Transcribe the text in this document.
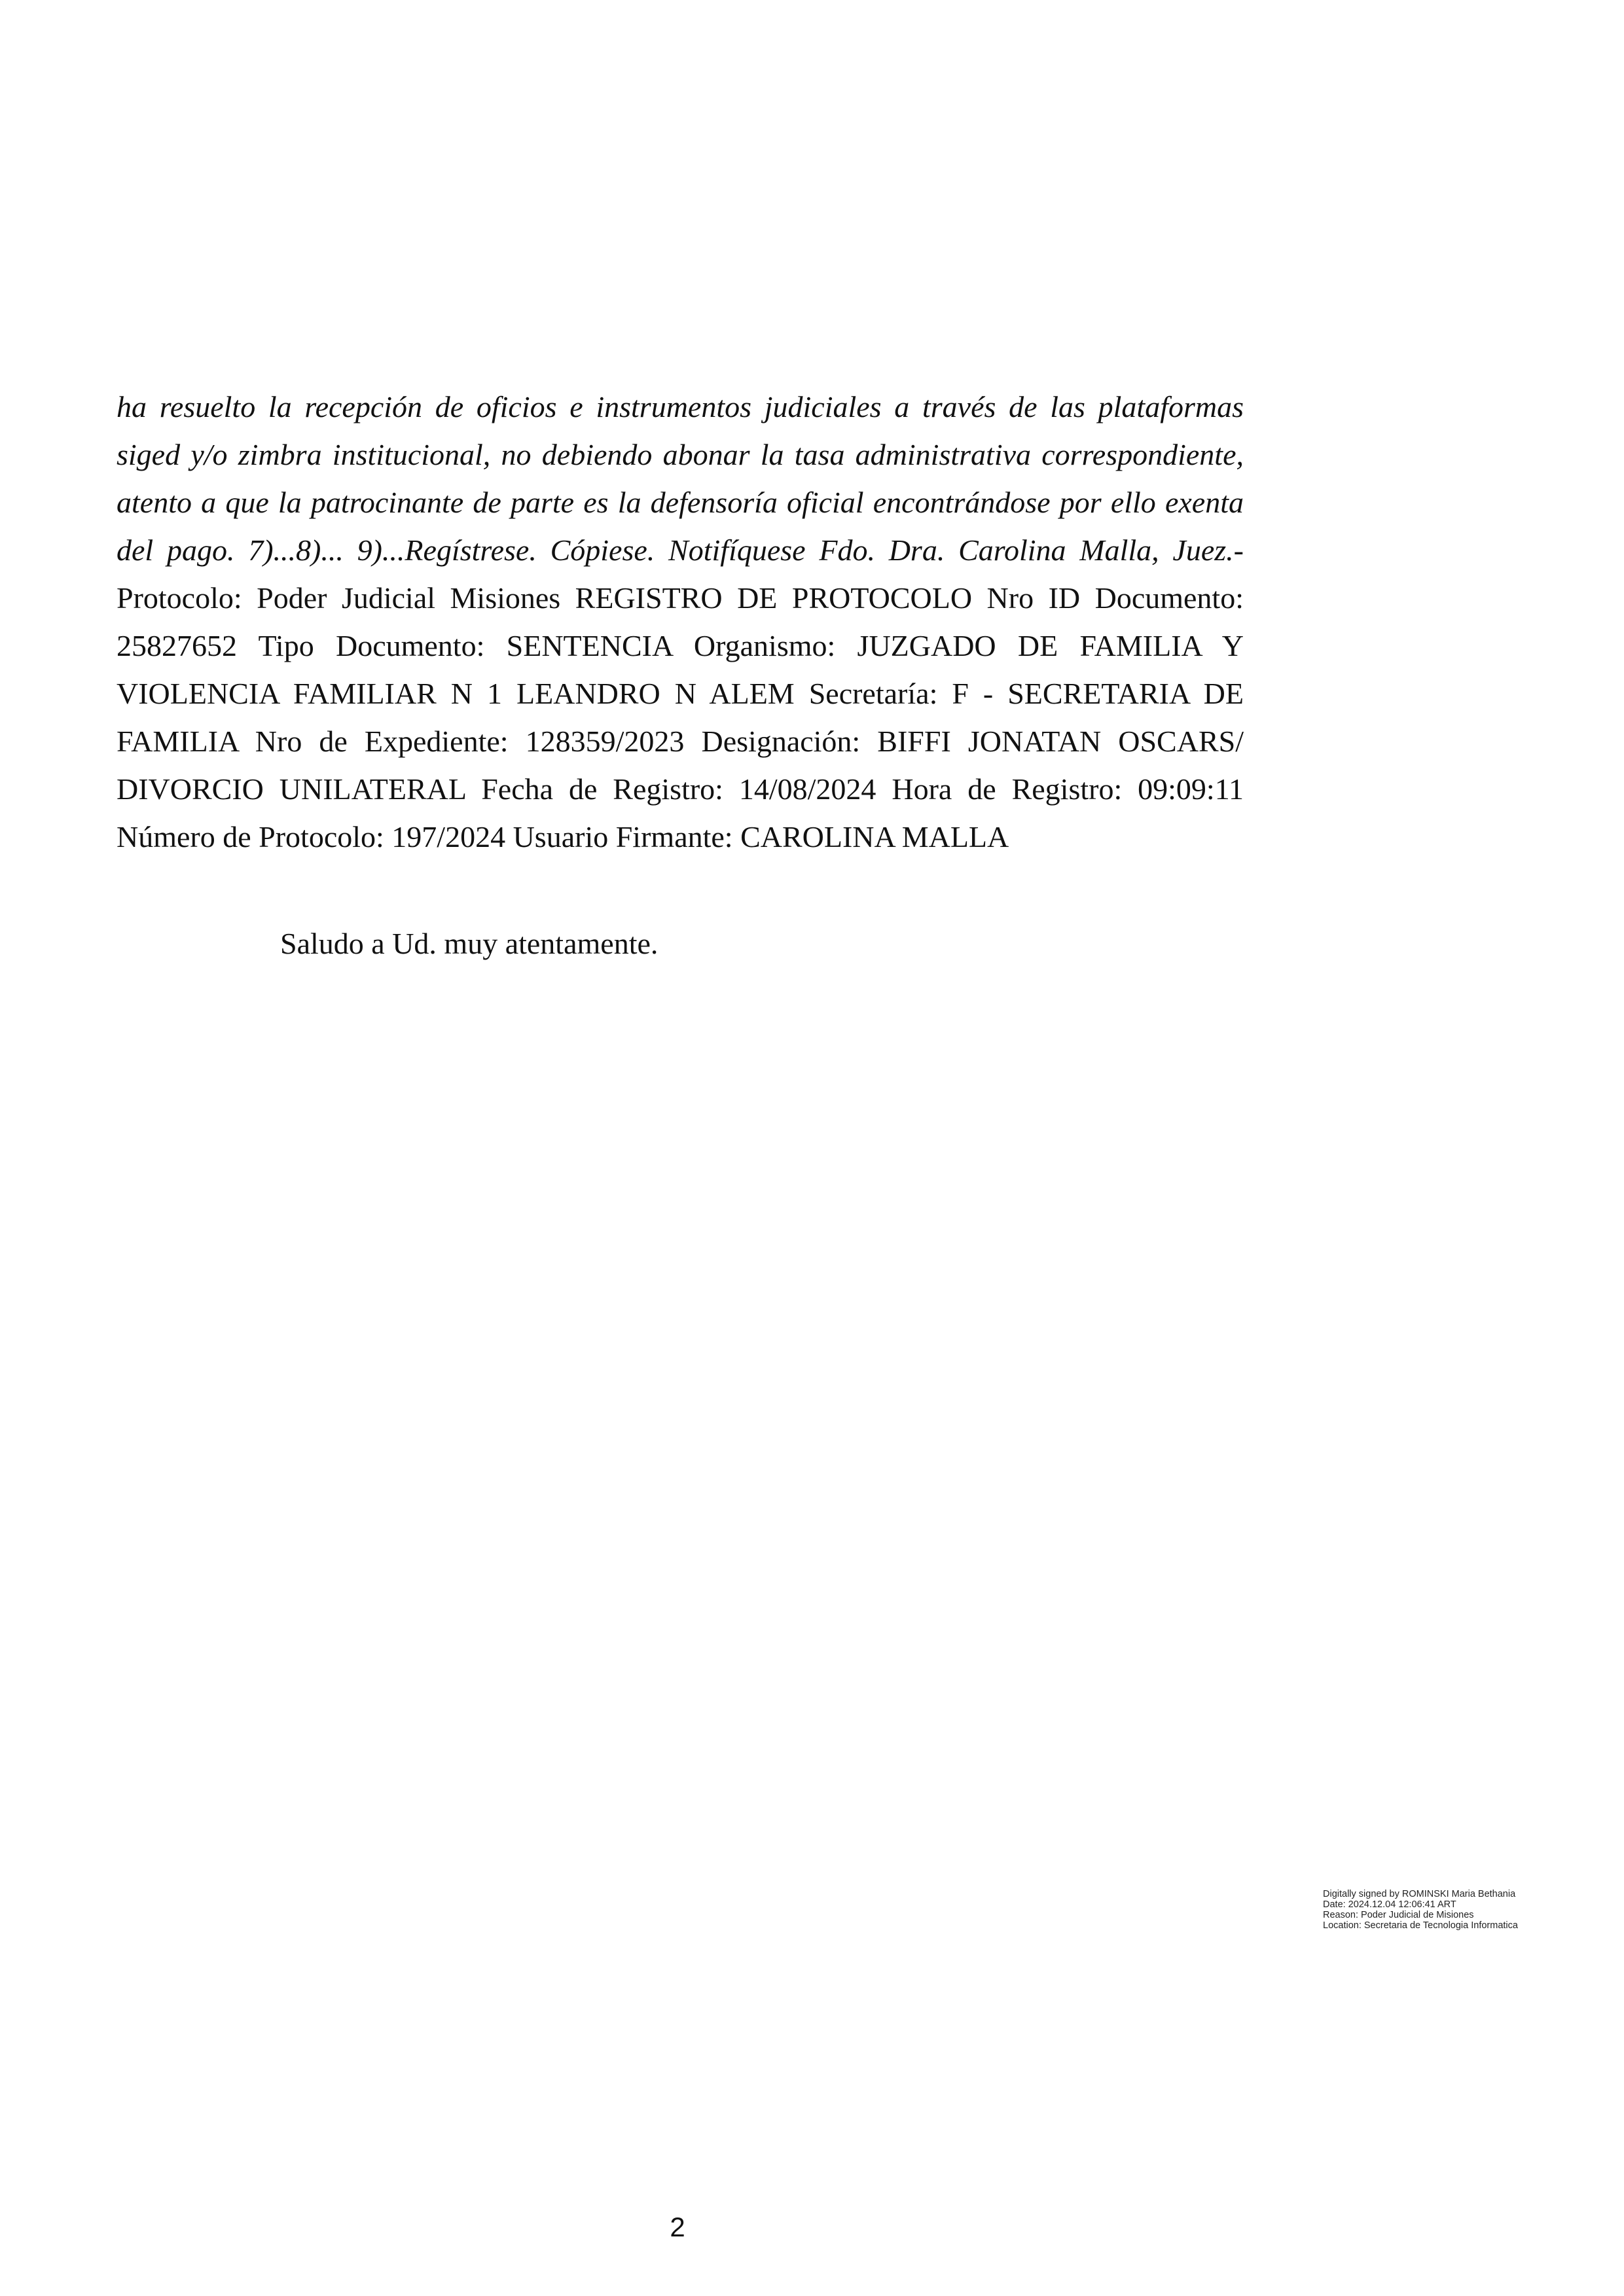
ha resuelto la recepción de oficios e instrumentos judiciales a través de las plataformas siged y/o zimbra institucional, no debiendo abonar la tasa administrativa correspondiente, atento a que la patrocinante de parte es la defensoría oficial encontrándose por ello exenta del pago. 7)...8)... 9)...Regístrese. Cópiese. Notifíquese Fdo. Dra. Carolina Malla, Juez.- Protocolo: Poder Judicial Misiones REGISTRO DE PROTOCOLO Nro ID Documento: 25827652 Tipo Documento: SENTENCIA Organismo: JUZGADO DE FAMILIA Y VIOLENCIA FAMILIAR N 1 LEANDRO N ALEM Secretaría: F - SECRETARIA DE FAMILIA Nro de Expediente: 128359/2023 Designación: BIFFI JONATAN OSCARS/ DIVORCIO UNILATERAL Fecha de Registro: 14/08/2024 Hora de Registro: 09:09:11 Número de Protocolo: 197/2024 Usuario Firmante: CAROLINA MALLA

Saludo a Ud. muy atentamente.

Digitally signed by ROMINSKI Maria Bethania
Date: 2024.12.04 12:06:41 ART
Reason: Poder Judicial de Misiones
Location: Secretaria de Tecnologia Informatica

2
